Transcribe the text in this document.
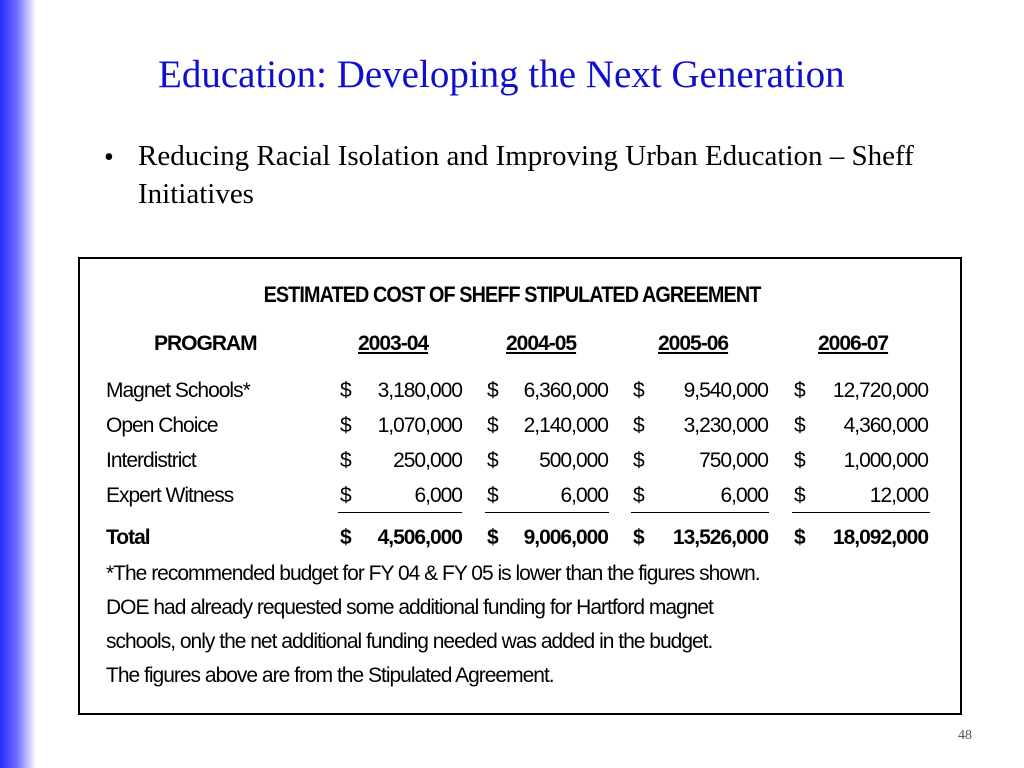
Education: Developing the Next Generation
• Reducing Racial Isolation and Improving Urban Education – Sheff Initiatives
ESTIMATED COST OF SHEFF STIPULATED AGREEMENT
PROGRAM	2003-04	2004-05	2005-06	2006-07
Magnet Schools*	$ 3,180,000 $ 6,360,000 $ 9,540,000 $ 12,720,000
Open Choice	$ 1,070,000 $ 2,140,000 $ 3,230,000 $ 4,360,000
Interdistrict	$ 250,000 $ 500,000 $	750,000 $ 1,000,000
Expert Witness	$	6,000 $	6,000 $	6,000 $	12,000
Total	$ 4,506,000 $ 9,006,000 $ 13,526,000 $ 18,092,000
*The recommended budget for FY 04 & FY 05 is lower than the figures shown.
DOE had already requested some additional funding for Hartford magnet
schools, only the net additional funding needed was added in the budget.
The figures above are from the Stipulated Agreement.
48
